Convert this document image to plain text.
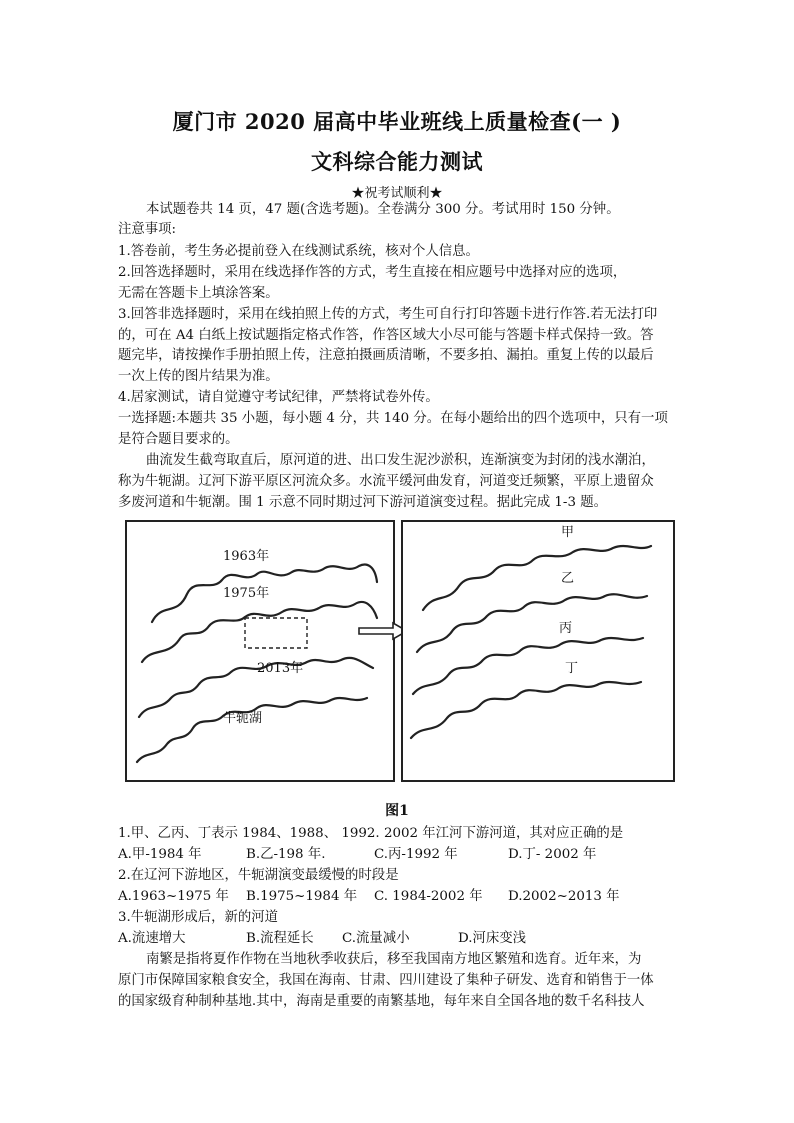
厦门市 2020 届高中毕业班线上质量检查(一 )
文科综合能力测试
★祝考试顺利★
本试题卷共 14 页，47 题(含选考题)。全卷满分 300 分。考试用时 150 分钟。
注意事项:
1.答卷前，考生务必提前登入在线测试系统，核对个人信息。
2.回答选择题时，采用在线选择作答的方式，考生直接在相应题号中选择对应的选项，
无需在答题卡上填涂答案。
3.回答非选择题时，采用在线拍照上传的方式，考生可自行打印答题卡进行作答.若无法打印
的，可在 A4 白纸上按试题指定格式作答，作答区域大小尽可能与答题卡样式保持一致。答
题完毕，请按操作手册拍照上传，注意拍摄画质清晰，不要多拍、漏拍。重复上传的以最后
一次上传的图片结果为准。
4.居家测试，请自觉遵守考试纪律，严禁将试卷外传。
一选择题:本题共 35 小题，每小题 4 分，共 140 分。在每小题给出的四个选项中，只有一项
是符合题目要求的。
曲流发生截弯取直后，原河道的进、出口发生泥沙淤积，连渐演变为封闭的浅水潮泊，
称为牛轭湖。辽河下游平原区河流众多。水流平缓河曲发育，河道变迁频繁，平原上遗留众
多废河道和牛轭潮。围 1 示意不同时期过河下游河道演变过程。据此完成 1-3 题。
1963年
1975年
2013年
牛轭湖
甲
乙
丙
丁
图1
1.甲、乙丙、丁表示 1984、1988、 1992. 2002 年江河下游河道，其对应正确的是
A.甲-1984 年	B.乙-198 年.	C.丙-1992 年	D.丁- 2002 年
2.在辽河下游地区，牛轭湖演变最缓慢的时段是
A.1963~1975 年 B.1975~1984 年 C. 1984-2002 年 D.2002~2013 年
3.牛轭湖形成后，新的河道
A.流速增大	B.流程延长 C.流量减小	D.河床变浅
南繁是指将夏作作物在当地秋季收获后，移至我国南方地区繁殖和选育。近年来，为
原门市保障国家粮食安全，我国在海南、甘肃、四川建设了集种子研发、选育和销售于一体
的国家级育种制种基地.其中，海南是重要的南繁基地，每年来自全国各地的数千名科技人
